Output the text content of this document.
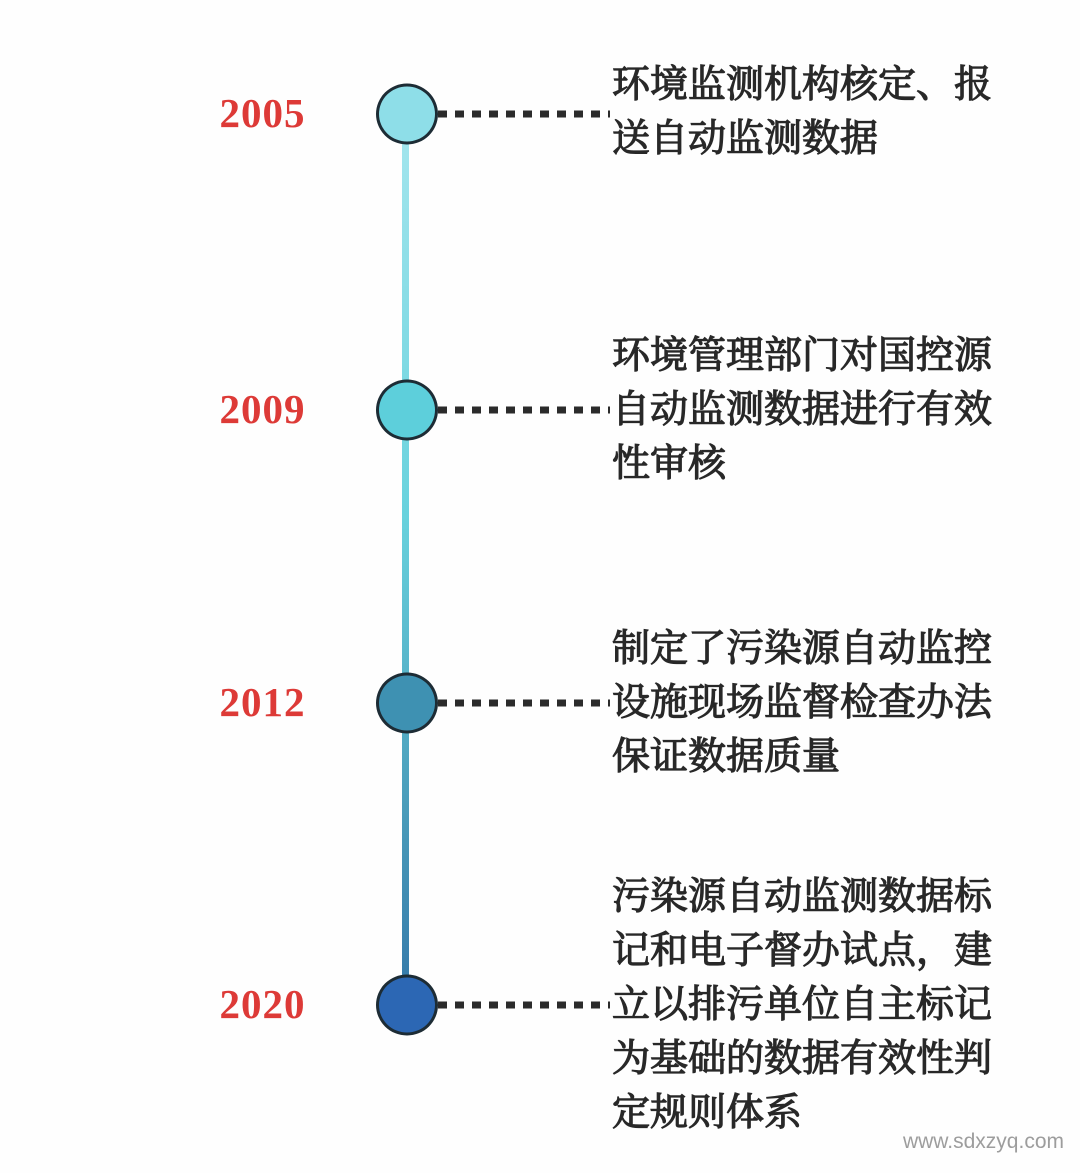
2005
环境监测机构核定、报送自动监测数据
2009
环境管理部门对国控源自动监测数据进行有效性审核
2012
制定了污染源自动监控设施现场监督检查办法保证数据质量
2020
污染源自动监测数据标记和电子督办试点，建立以排污单位自主标记为基础的数据有效性判定规则体系
www.sdxzyq.com
